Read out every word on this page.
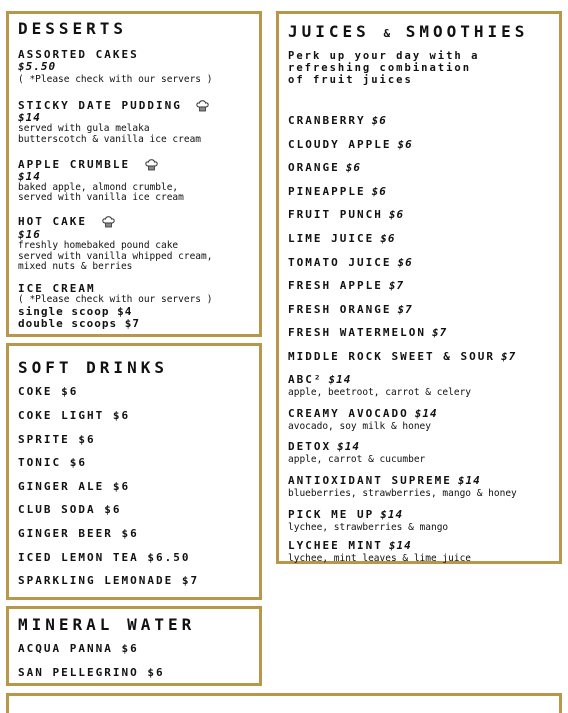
DESSERTS
ASSORTED CAKES
$5.50
( *Please check with our servers )
STICKY DATE PUDDING
$14
served with gula melaka
butterscotch & vanilla ice cream
APPLE CRUMBLE
$14
baked apple, almond crumble,
served with vanilla ice cream
HOT CAKE
$16
freshly homebaked pound cake
served with vanilla whipped cream,
mixed nuts & berries
ICE CREAM
( *Please check with our servers )
single scoop $4
double scoops $7
SOFT DRINKS
COKE $6
COKE LIGHT $6
SPRITE $6
TONIC $6
GINGER ALE $6
CLUB SODA $6
GINGER BEER $6
ICED LEMON TEA $6.50
SPARKLING LEMONADE $7
MINERAL WATER
ACQUA PANNA $6
SAN PELLEGRINO $6
JUICES & SMOOTHIES
Perk up your day with a
refreshing combination
of fruit juices
CRANBERRY $6
CLOUDY APPLE $6
ORANGE $6
PINEAPPLE $6
FRUIT PUNCH $6
LIME JUICE $6
TOMATO JUICE $6
FRESH APPLE $7
FRESH ORANGE $7
FRESH WATERMELON $7
MIDDLE ROCK SWEET & SOUR $7
ABC² $14
apple, beetroot, carrot & celery
CREAMY AVOCADO $14
avocado, soy milk & honey
DETOX $14
apple, carrot & cucumber
ANTIOXIDANT SUPREME $14
blueberries, strawberries, mango & honey
PICK ME UP $14
lychee, strawberries & mango
LYCHEE MINT $14
lychee, mint leaves & lime juice
